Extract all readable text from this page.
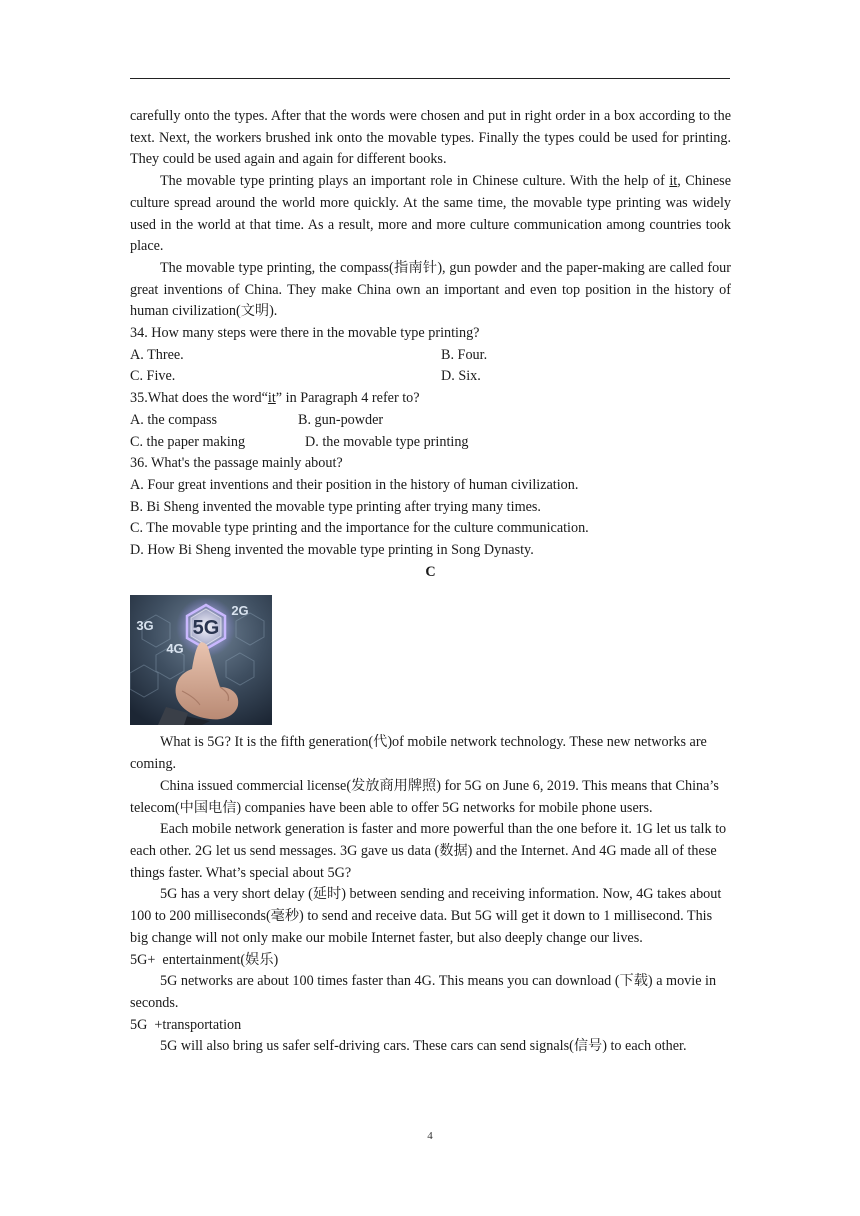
carefully onto the types. After that the words were chosen and put in right order in a box according to the text. Next, the workers brushed ink onto the movable types. Finally the types could be used for printing. They could be used again and again for different books.

The movable type printing plays an important role in Chinese culture. With the help of it, Chinese culture spread around the world more quickly. At the same time, the movable type printing was widely used in the world at that time. As a result, more and more culture communication among countries took place.

The movable type printing, the compass(指南针), gun powder and the paper-making are called four great inventions of China. They make China own an important and even top position in the history of human civilization(文明).

34. How many steps were there in the movable type printing?

A. Three.	B. Four.
C. Five.	D. Six.

35.What does the word“it” in Paragraph 4 refer to?

A. the compass	B. gun-powder
C. the paper making	D. the movable type printing

36. What's the passage mainly about?

A. Four great inventions and their position in the history of human civilization.

B. Bi Sheng invented the movable type printing after trying many times.

C. The movable type printing and the importance for the culture communication.

D. How Bi Sheng invented the movable type printing in Song Dynasty.

C

5G
3G
2G
4G

What is 5G? It is the fifth generation(代)of mobile network technology. These new networks are coming.

China issued commercial license(发放商用牌照) for 5G on June 6, 2019. This means that China’s telecom(中国电信) companies have been able to offer 5G networks for mobile phone users.

Each mobile network generation is faster and more powerful than the one before it. 1G let us talk to each other. 2G let us send messages. 3G gave us data (数据) and the Internet. And 4G made all of these things faster. What’s special about 5G?

5G has a very short delay (延时) between sending and receiving information. Now, 4G takes about 100 to 200 milliseconds(毫秒) to send and receive data. But 5G will get it down to 1 millisecond. This big change will not only make our mobile Internet faster, but also deeply change our lives.

5G+  entertainment(娱乐)

5G networks are about 100 times faster than 4G. This means you can download (下载) a movie in seconds.

5G  +transportation

5G will also bring us safer self-driving cars. These cars can send signals(信号) to each other.

4
